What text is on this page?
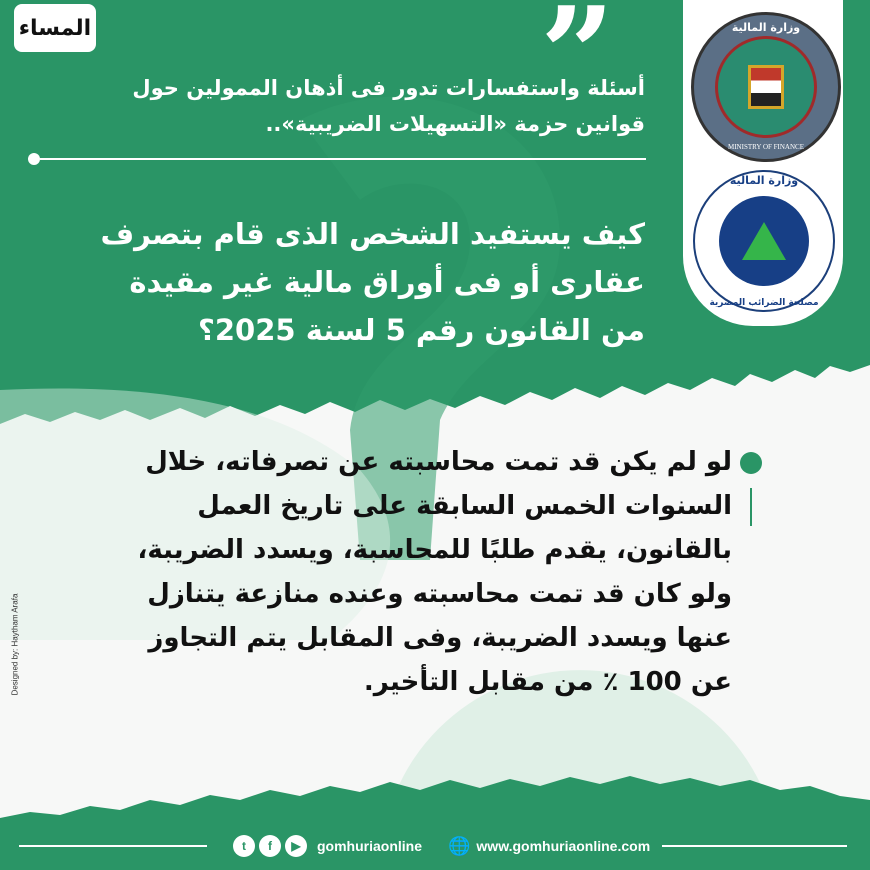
المساء	”	وزارة المالية
MINISTRY OF FINANCE
وزارة المالية
مصلحة الضرائب المصرية
أسئلة واستفسارات تدور فى أذهان الممولين حول
قوانين حزمة «التسهيلات الضريبية»..
كيف يستفيد الشخص الذى قام بتصرف
عقارى أو فى أوراق مالية غير مقيدة
من القانون رقم 5 لسنة 2025؟
لو لم يكن قد تمت محاسبته عن تصرفاته، خلال
السنوات الخمس السابقة على تاريخ العمل
بالقانون، يقدم طلبًا للمحاسبة، ويسدد الضريبة،
ولو كان قد تمت محاسبته وعنده منازعة يتنازل
عنها ويسدد الضريبة، وفى المقابل يتم التجاوز
عن 100 ٪ من مقابل التأخير.
Designed by: Haytham Arafa
t	f	▶	gomhuriaonline 🌐 www.gomhuriaonline.com
